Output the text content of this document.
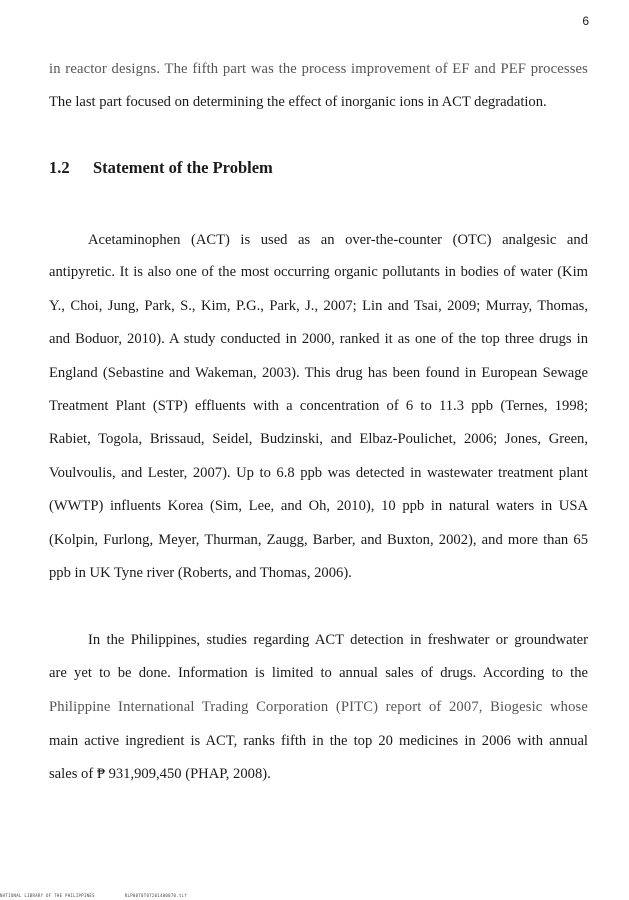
6
in reactor designs. The fifth part was the process improvement of EF and PEF processes
The last part focused on determining the effect of inorganic ions in ACT degradation.
1.2 Statement of the Problem
Acetaminophen (ACT) is used as an over-the-counter (OTC) analgesic and
antipyretic. It is also one of the most occurring organic pollutants in bodies of water (Kim
Y., Choi, Jung, Park, S., Kim, P.G., Park, J., 2007; Lin and Tsai, 2009; Murray, Thomas,
and Boduor, 2010). A study conducted in 2000, ranked it as one of the top three drugs in
England (Sebastine and Wakeman, 2003). This drug has been found in European Sewage
Treatment Plant (STP) effluents with a concentration of 6 to 11.3 ppb (Ternes, 1998;
Rabiet, Togola, Brissaud, Seidel, Budzinski, and Elbaz-Poulichet, 2006; Jones, Green,
Voulvoulis, and Lester, 2007). Up to 6.8 ppb was detected in wastewater treatment plant
(WWTP) influents Korea (Sim, Lee, and Oh, 2010), 10 ppb in natural waters in USA
(Kolpin, Furlong, Meyer, Thurman, Zaugg, Barber, and Buxton, 2002), and more than 65
ppb in UK Tyne river (Roberts, and Thomas, 2006).
In the Philippines, studies regarding ACT detection in freshwater or groundwater
are yet to be done. Information is limited to annual sales of drugs. According to the
Philippine International Trading Corporation (PITC) report of 2007, Biogesic whose
main active ingredient is ACT, ranks fifth in the top 20 medicines in 2006 with annual
sales of ₱ 931,909,450 (PHAP, 2008).
NATIONAL LIBRARY OF THE PHILIPPINES	RLP00T0T07201400870.tif
